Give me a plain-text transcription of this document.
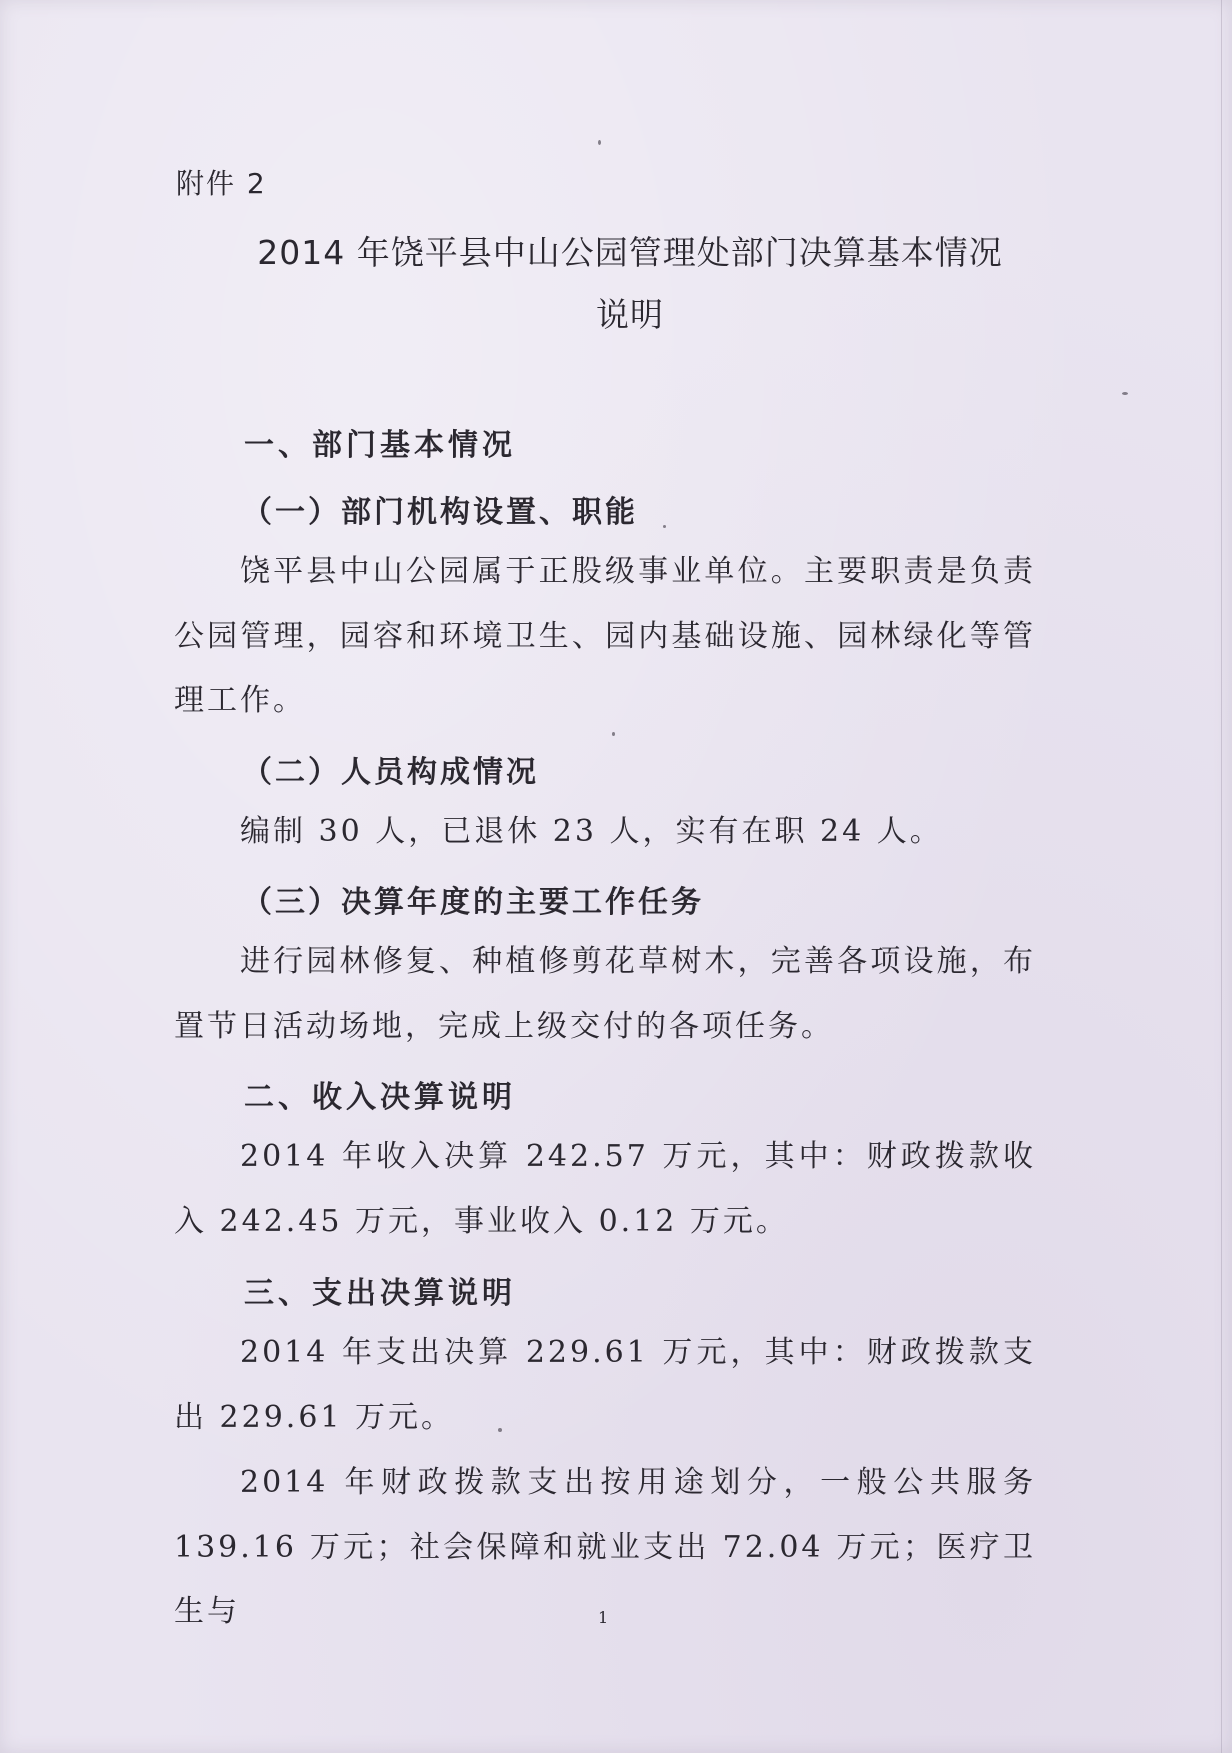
附件 2
2014 年饶平县中山公园管理处部门决算基本情况
说明
一、部门基本情况
（一）部门机构设置、职能

饶平县中山公园属于正股级事业单位。主要职责是负责公园管理，园容和环境卫生、园内基础设施、园林绿化等管理工作。

（二）人员构成情况

编制 30 人，已退休 23 人，实有在职 24 人。

（三）决算年度的主要工作任务

进行园林修复、种植修剪花草树木，完善各项设施，布置节日活动场地，完成上级交付的各项任务。

二、收入决算说明

2014 年收入决算 242.57 万元，其中：财政拨款收入 242.45 万元，事业收入 0.12 万元。

三、支出决算说明

2014 年支出决算 229.61 万元，其中：财政拨款支出 229.61 万元。

2014 年财政拨款支出按用途划分，一般公共服务 139.16 万元；社会保障和就业支出 72.04 万元；医疗卫生与	1
